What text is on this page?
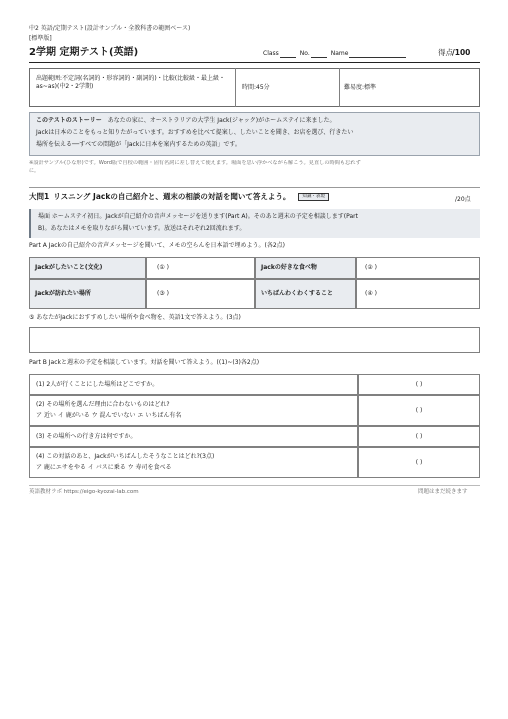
中2 英語/定期テスト(設計サンプル・全教科書の範囲ベース)
[標準版]
2学期 定期テスト(英語)	Class	No.	Name	得点 /100
出題範囲:不定詞(名詞的・形容詞的・副詞的)・比較(比較級・最上級・as~as)(中2・2学期)	時間:45分	難易度:標準
このテストのストーリー あなたの家に、オーストラリアの大学生 Jack(ジャック)がホームステイに来ました。
Jackは日本のことをもっと知りたがっています。おすすめを比べて提案し、したいことを聞き、お店を選び、行きたい
場所を伝える──すべての問題が「Jackに日本を案内するための英語」です。
※設計サンプル(ひな形)です。Word版で自校の範囲・固有名詞に差し替えて使えます。場面を思い浮かべながら解こう。見直しの時間も忘れず
に。
大問1 リスニング Jackの自己紹介と、週末の相談の対話を聞いて答えよう。	知識・表現	/20点
場面 ホームステイ初日。Jackが自己紹介の音声メッセージを送ります(Part A)。そのあと週末の予定を相談します(Part
B)。あなたはメモを取りながら聞いています。放送はそれぞれ2回流れます。
Part A Jackの自己紹介の音声メッセージを聞いて、メモの空らんを日本語で埋めよう。(各2点)
Jackがしたいこと(文化)	(① )	Jackの好きな食べ物	(② )
Jackが訪れたい場所	(③ )	いちばんわくわくすること	(④ )
⑤ あなたがJackにおすすめしたい場所や食べ物を、英語1文で答えよう。(3点)
Part B Jackと週末の予定を相談しています。対話を聞いて答えよう。((1)~(3)各2点)
(1) 2人が行くことにした場所はどこですか。	( )
(2) その場所を選んだ理由に合わないものはどれ?
ア 近い イ 鹿がいる ウ 混んでいない エ いちばん有名
( )
(3) その場所への行き方は何ですか。	( )
(4) この対話のあと、Jackがいちばんしたそうなことはどれ?(3点)
ア 鹿にエサをやる イ バスに乗る ウ 寿司を食べる
( )
英語教材ラボ https://eigo-kyozai-lab.com	問題はまだ続きます
